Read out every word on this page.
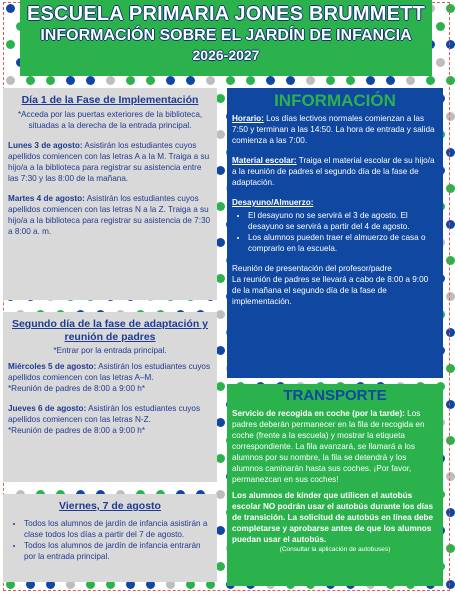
ESCUELA PRIMARIA JONES BRUMMETT
INFORMACIÓN SOBRE EL JARDÍN DE INFANCIA
2026-2027
Día 1 de la Fase de Implementación

*Acceda por las puertas exteriores de la biblioteca, situadas a la derecha de la entrada principal.

Lunes 3 de agosto: Asistirán los estudiantes cuyos apellidos comiencen con las letras A a la M. Traiga a su hijo/a a la biblioteca para registrar su asistencia entre las 7:30 y las 8:00 de la mañana.

Martes 4 de agosto: Asistirán los estudiantes cuyos apellidos comiencen con las letras N a la Z. Traiga a su hijo/a a la biblioteca para registrar su asistencia de 7:30 a 8:00 a. m.

Segundo día de la fase de adaptación y reunión de padres

*Entrar por la entrada principal.

Miércoles 5 de agosto: Asistirán los estudiantes cuyos apellidos comiencen con las letras A–M.

*Reunión de padres de 8:00 a 9:00 h*

Jueves 6 de agosto: Asistirán los estudiantes cuyos apellidos comiencen con las letras N-Z.

*Reunión de padres de 8:00 a 9:00 h*

Viernes, 7 de agosto
• Todos los alumnos de jardín de infancia asistirán a clase todos los días a partir del 7 de agosto.
• Todos los alumnos de jardín de infancia entrarán por la entrada principal.
INFORMACIÓN

Horario: Los días lectivos normales comienzan a las 7:50 y terminan a las 14:50. La hora de entrada y salida comienza a las 7:00.

Material escolar: Traiga el material escolar de su hijo/a a la reunión de padres el segundo día de la fase de adaptación.

Desayuno/Almuerzo:

• El desayuno no se servirá el 3 de agosto. El desayuno se servirá a partir del 4 de agosto.
• Los alumnos pueden traer el almuerzo de casa o comprarlo en la escuela.

Reunión de presentación del profesor/padre

La reunión de padres se llevará a cabo de 8:00 a 9:00 de la mañana el segundo día de la fase de implementación.

TRANSPORTE

Servicio de recogida en coche (por la tarde): Los padres deberán permanecer en la fila de recogida en coche (frente a la escuela) y mostrar la etiqueta correspondiente. La fila avanzará, se llamará a los alumnos por su nombre, la fila se detendrá y los alumnos caminarán hasta sus coches. ¡Por favor, permanezcan en sus coches!

Los alumnos de kínder que utilicen el autobús escolar NO podrán usar el autobús durante los días de transición. La solicitud de autobús en línea debe completarse y aprobarse antes de que los alumnos puedan usar el autobús.

(Consultar la aplicación de autobuses)
